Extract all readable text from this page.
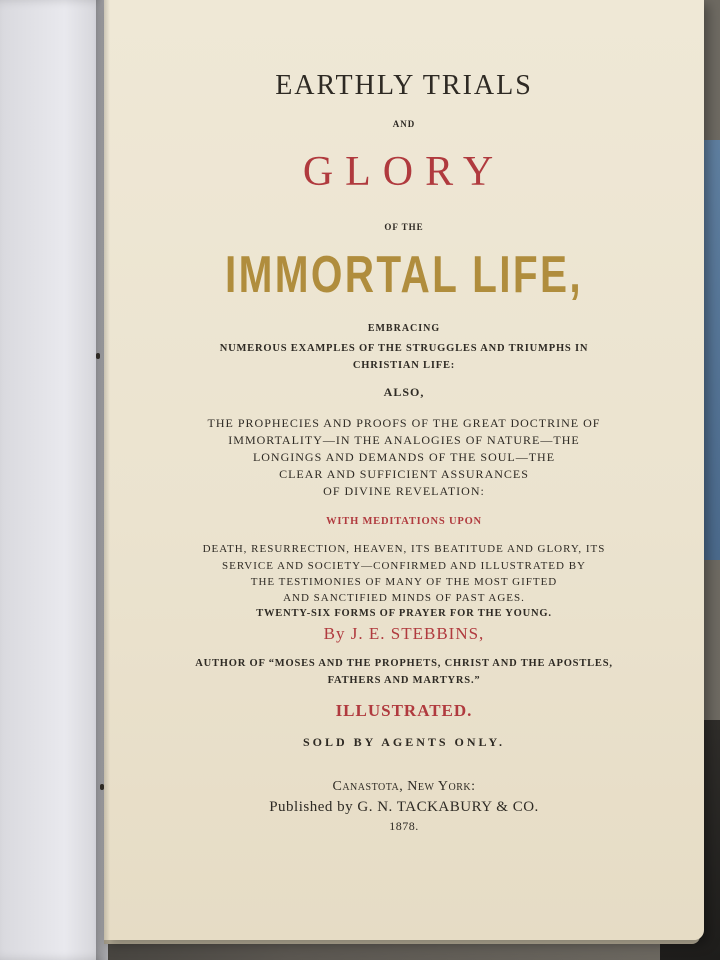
EARTHLY TRIALS
AND
GLORY
OF THE
IMMORTAL LIFE,
EMBRACING
NUMEROUS EXAMPLES OF THE STRUGGLES AND TRIUMPHS IN
CHRISTIAN LIFE:
ALSO,
THE PROPHECIES AND PROOFS OF THE GREAT DOCTRINE OF
IMMORTALITY—IN THE ANALOGIES OF NATURE—THE
LONGINGS AND DEMANDS OF THE SOUL—THE
CLEAR AND SUFFICIENT ASSURANCES
OF DIVINE REVELATION:
WITH MEDITATIONS UPON
DEATH, RESURRECTION, HEAVEN, ITS BEATITUDE AND GLORY, ITS
SERVICE AND SOCIETY—CONFIRMED AND ILLUSTRATED BY
THE TESTIMONIES OF MANY OF THE MOST GIFTED
AND SANCTIFIED MINDS OF PAST AGES.
TWENTY-SIX FORMS OF PRAYER FOR THE YOUNG.
By J. E. STEBBINS,
AUTHOR OF “MOSES AND THE PROPHETS, CHRIST AND THE APOSTLES,
FATHERS AND MARTYRS.”
ILLUSTRATED.
SOLD BY AGENTS ONLY.
Canastota, New York:
Published by G. N. TACKABURY & CO.
1878.
